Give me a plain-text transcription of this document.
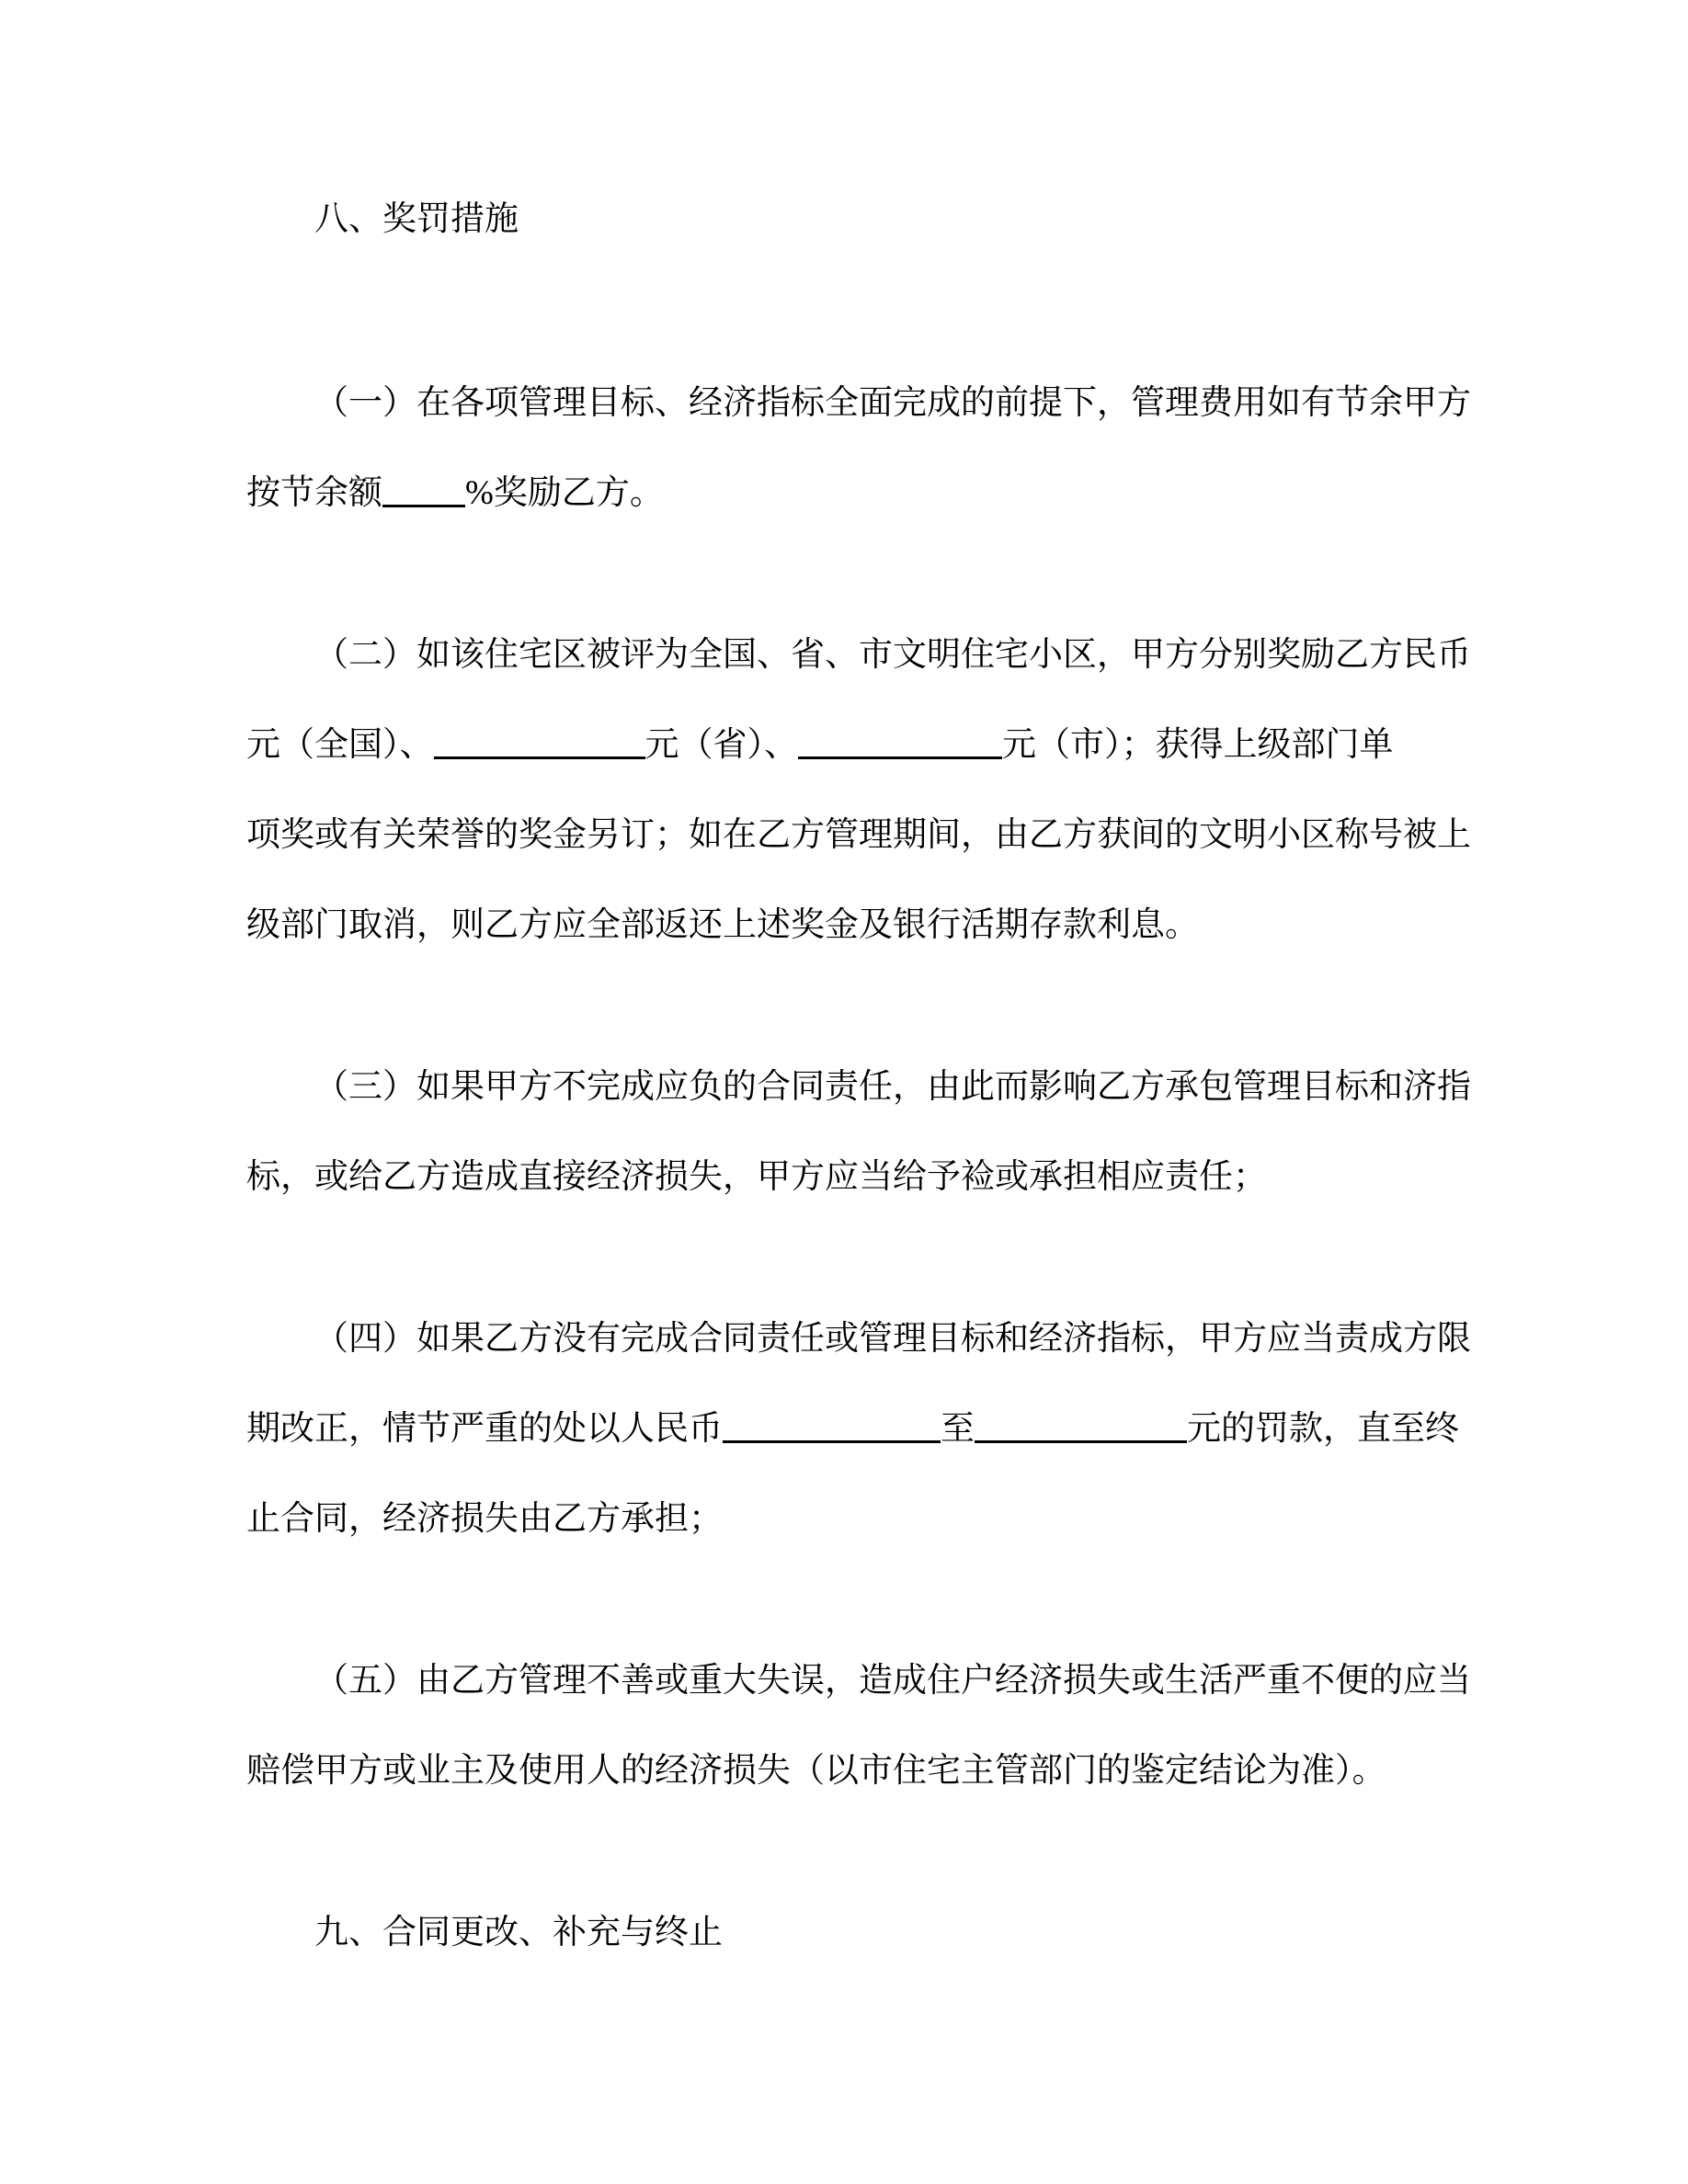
八、奖罚措施
（一）在各项管理目标、经济指标全面完成的前提下，管理费用如有节余甲方
按节余额 %奖励乙方。
（二）如该住宅区被评为全国、省、市文明住宅小区，甲方分别奖励乙方民币
元（全国）、	元（省）、	元（市）；获得上级部门单
项奖或有关荣誉的奖金另订；如在乙方管理期间，由乙方获间的文明小区称号被上
级部门取消，则乙方应全部返还上述奖金及银行活期存款利息。
（三）如果甲方不完成应负的合同责任，由此而影响乙方承包管理目标和济指
标，或给乙方造成直接经济损失，甲方应当给予裣或承担相应责任；
（四）如果乙方没有完成合同责任或管理目标和经济指标，甲方应当责成方限
期改正，情节严重的处以人民币	至	元的罚款，直至终
止合同，经济损失由乙方承担；
（五）由乙方管理不善或重大失误，造成住户经济损失或生活严重不便的应当
赔偿甲方或业主及使用人的经济损失（以市住宅主管部门的鉴定结论为准）。
九、合同更改、补充与终止
